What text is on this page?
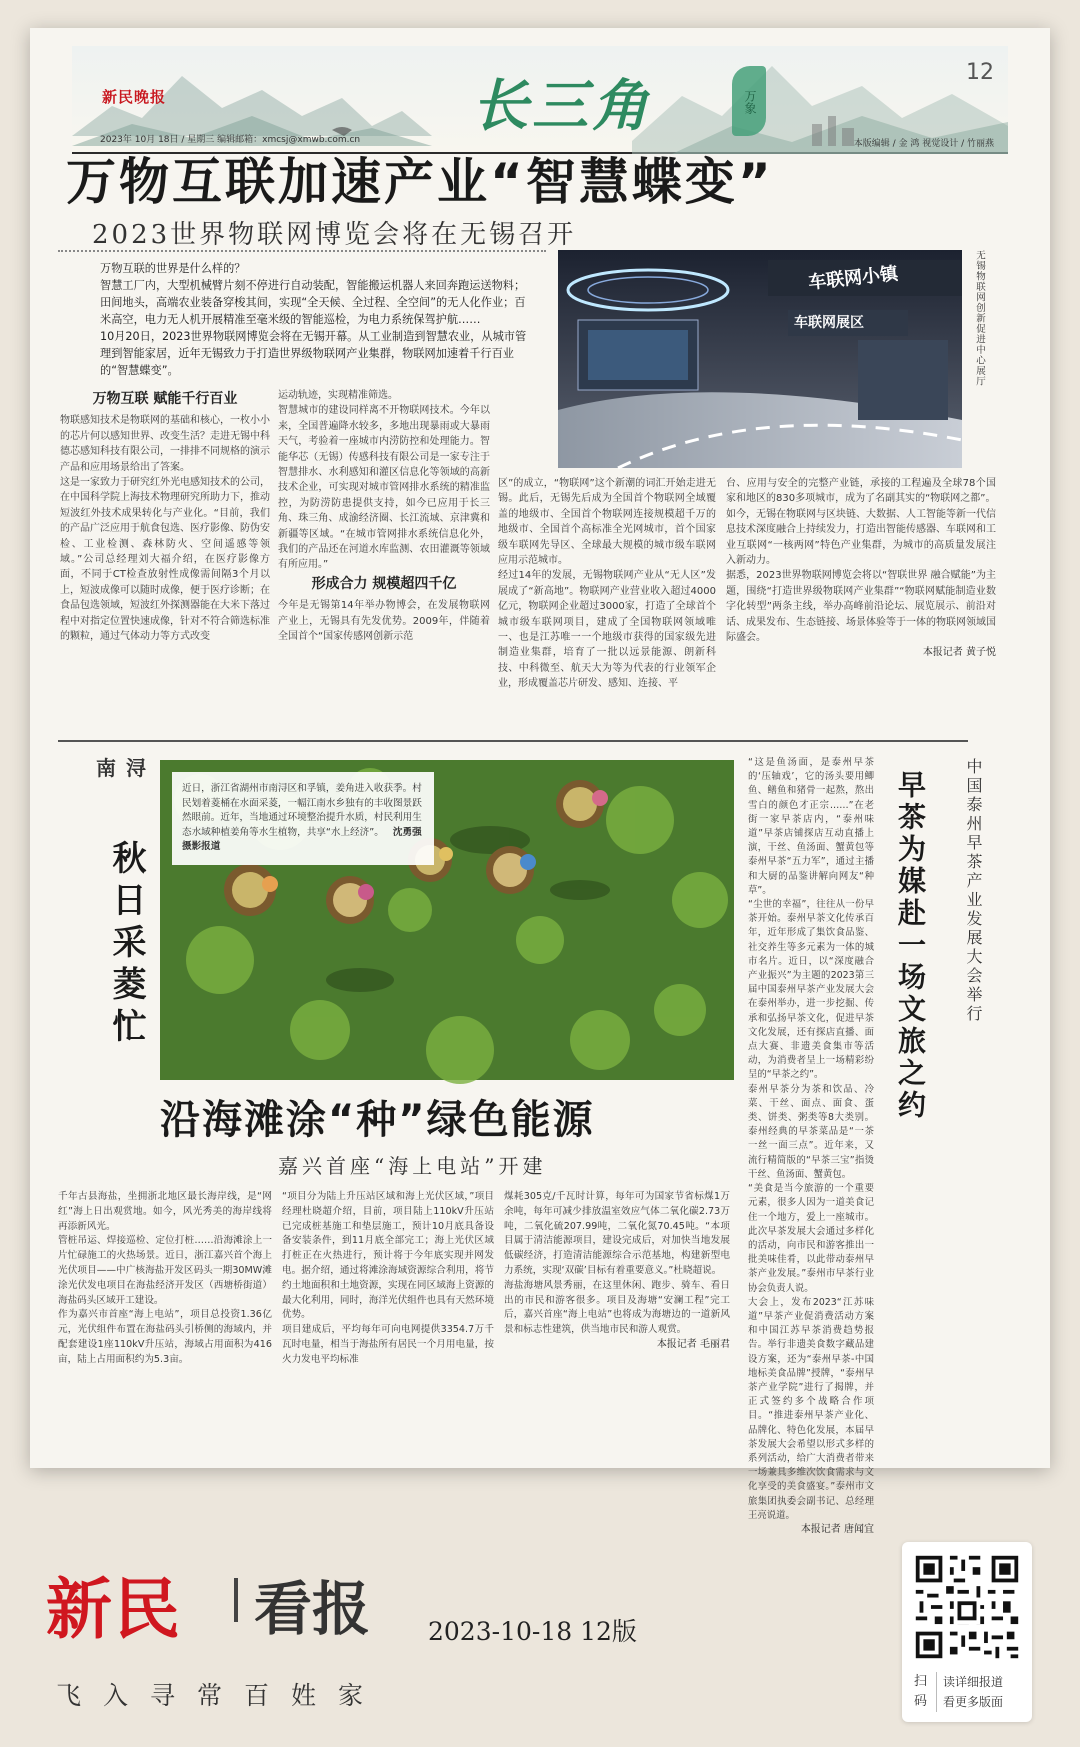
新民晚报
2023年 10月 18日 / 星期三 编辑邮箱：xmcsj@xmwb.com.cn
长三角	万象
12
本版编辑 / 金 鸿 视觉设计 / 竹丽燕
万物互联加速产业“智慧蝶变”
2023世界物联网博览会将在无锡召开
万物互联的世界是什么样的？
智慧工厂内，大型机械臂片刻不停进行自动装配，智能搬运机器人来回奔跑运送物料；田间地头，高端农业装备穿梭其间，实现“全天候、全过程、全空间”的无人化作业；百米高空，电力无人机开展精准至毫米级的智能巡检，为电力系统保驾护航……
10月20日，2023世界物联网博览会将在无锡开幕。从工业制造到智慧农业，从城市管理到智能家居，近年无锡致力于打造世界级物联网产业集群，物联网加速着千行百业的“智慧蝶变”。
车联网小镇
车联网展区	无锡物联网创新促进中心展厅
万物互联 赋能千行百业
物联感知技术是物联网的基础和核心，一枚小小的芯片何以感知世界、改变生活？走进无锡中科德芯感知科技有限公司，一排排不同规格的演示产品和应用场景给出了答案。
这是一家致力于研究红外光电感知技术的公司，在中国科学院上海技术物理研究所助力下，推动短波红外技术成果转化与产业化。“目前，我们的产品广泛应用于航食包选、医疗影像、防伪安检、工业检测、森林防火、空间遥感等领域。”公司总经理刘大福介绍，在医疗影像方面，不同于CT检查放射性成像需间隔3个月以上，短波成像可以随时成像，便于医疗诊断；在食品包选领域，短波红外探测器能在大米下落过程中对指定位置快速成像，针对不符合筛选标准的颗粒，通过气体动力等方式改变
运动轨迹，实现精准筛选。
智慧城市的建设同样离不开物联网技术。今年以来，全国普遍降水较多，多地出现暴雨或大暴雨天气，考验着一座城市内涝防控和处理能力。智能华芯（无锡）传感科技有限公司是一家专注于智慧排水、水利感知和灌区信息化等领域的高新技术企业，可实现对城市管网排水系统的精准监控，为防涝防患提供支持，如今已应用于长三角、珠三角、成渝经济圈、长江流域、京津冀和新疆等区域。“在城市管网排水系统信息化外，我们的产品还在河道水库监测、农田灌溉等领域有所应用。”
形成合力 规模超四千亿
今年是无锡第14年举办物博会，在发展物联网产业上，无锡具有先发优势。2009年，伴随着全国首个“国家传感网创新示范
区”的成立，“物联网”这个新潮的词汇开始走进无锡。此后，无锡先后成为全国首个物联网全域覆盖的地级市、全国首个物联网连接规模超千万的地级市、全国首个高标准全光网城市，首个国家级车联网先导区、全球最大规模的城市级车联网应用示范城市。
经过14年的发展，无锡物联网产业从“无人区”发展成了“新高地”。物联网产业营业收入超过4000亿元，物联网企业超过3000家，打造了全球首个城市级车联网项目，建成了全国物联网领域唯一、也是江苏唯一一个地级市获得的国家级先进制造业集群，培育了一批以远景能源、朗新科技、中科微至、航天大为等为代表的行业领军企业，形成覆盖芯片研发、感知、连接、平
台、应用与安全的完整产业链，承接的工程遍及全球78个国家和地区的830多项城市，成为了名副其实的“物联网之都”。
如今，无锡在物联网与区块链、大数据、人工智能等新一代信息技术深度融合上持续发力，打造出智能传感器、车联网和工业互联网“一核两网”特色产业集群，为城市的高质量发展注入新动力。
据悉，2023世界物联网博览会将以“智联世界 融合赋能”为主题，围绕“打造世界级物联网产业集群”“物联网赋能制造业数字化转型”两条主线，举办高峰前沿论坛、展览展示、前沿对话、成果发布、生态链接、场景体验等于一体的物联网领域国际盛会。
本报记者 黄子悦
南浔
秋日采菱忙
近日，浙江省湖州市南浔区和孚镇，姜角进入收获季。村民划着菱桶在水面采菱，一幅江南水乡独有的丰收图景跃然眼前。近年，当地通过环境整治提升水质，村民利用生态水域种植姜角等水生植物，共享“水上经济”。 沈勇强 摄影报道
“这是鱼汤面，是泰州早茶的‘压轴戏’，它的汤头要用鲫鱼、鳝鱼和猪骨一起熬，熬出雪白的颜色才正宗……”在老街一家早茶店内，“泰州味道”早茶店铺探店互动直播上演，干丝、鱼汤面、蟹黄包等泰州早茶“五力军”，通过主播和大厨的品鉴讲解向网友“种草”。
“尘世的幸福”，往往从一份早茶开始。泰州早茶文化传承百年，近年形成了集饮食品鉴、社交养生等多元素为一体的城市名片。近日，以“深度融合 产业振兴”为主题的2023第三届中国泰州早茶产业发展大会在泰州举办，进一步挖掘、传承和弘扬早茶文化，促进早茶文化发展，还有探店直播、面点大赛、非遗美食集市等活动，为消费者呈上一场精彩纷呈的“早茶之约”。
泰州早茶分为茶和饮品、冷菜、干丝、面点、面食、蛋类、饼类、粥类等8大类别。泰州经典的早茶菜品是“一茶一丝一面三点”。近年来，又流行精简版的“早茶三宝”指烫干丝、鱼汤面、蟹黄包。
“美食是当今旅游的一个重要元素，很多人因为一道美食记住一个地方，爱上一座城市。此次早茶发展大会通过多样化的活动，向市民和游客推出一批美味佳肴，以此带动泰州早茶产业发展。”泰州市早茶行业协会负责人说。
大会上，发布2023“江苏味道”早茶产业促消费活动方案和中国江苏早茶消费趋势报告。举行非遗美食数字藏品建设方案，还为“泰州早茶-中国地标美食品牌”授牌，“泰州早茶产业学院”进行了揭牌，并正式签约多个战略合作项目。“推进泰州早茶产业化、品牌化、特色化发展，本届早茶发展大会希望以形式多样的系列活动，给广大消费者带来一场兼具多维次饮食需求与文化享受的美食盛宴。”泰州市文旅集团执委会副书记、总经理王亮说道。
本报记者 唐闻宜
早茶为媒赴一场文旅之约 中国泰州早茶产业发展大会举行
沿海滩涂“种”绿色能源
嘉兴首座“海上电站”开建
千年古县海盐，坐拥浙北地区最长海岸线，是“网红”海上日出观赏地。如今，风光秀美的海岸线将再添新风光。
管桩吊运、焊接巡检、定位打桩……沿海滩涂上一片忙碌施工的火热场景。近日，浙江嘉兴首个海上光伏项目——中广核海盐开发区码头一期30MW滩涂光伏发电项目在海盐经济开发区（西塘桥街道）海盐码头区域开工建设。
作为嘉兴市首座“海上电站”，项目总投资1.36亿元，光伏组件布置在海盐码头引桥侧的海域内，并配套建设1座110kV升压站，海域占用面积为416亩，陆上占用面积约为5.3亩。
“项目分为陆上升压站区域和海上光伏区域，”项目经理杜晓超介绍，目前，项目陆上110kV升压站已完成桩基施工和垫层施工，预计10月底具备设备安装条件，到11月底全部完工；海上光伏区域打桩正在火热进行，预计将于今年底实现并网发电。据介绍，通过将滩涂海域资源综合利用，将节约土地面积和土地资源，实现在同区域海上资源的最大化利用，同时，海洋光伏组件也具有天然环境优势。
项目建成后，平均每年可向电网提供3354.7万千瓦时电量，相当于海盐所有居民一个月用电量，按火力发电平均标准
煤耗305克/千瓦时计算，每年可为国家节省标煤1万余吨，每年可减少排放温室效应气体二氧化碳2.73万吨，二氧化硫207.99吨，二氧化氮70.45吨。“本项目属于清洁能源项目，建设完成后，对加快当地发展低碳经济，打造清洁能源综合示范基地，构建新型电力系统，实现‘双碳’目标有着重要意义。”杜晓超说。
海盐海塘风景秀丽，在这里休闲、跑步、骑车、看日出的市民和游客很多。项目及海塘“安澜工程”完工后，嘉兴首座“海上电站”也将成为海塘边的一道新风景和标志性建筑，供当地市民和游人观赏。
本报记者 毛丽君
新民 看报 2023-10-18 12版
飞入寻常百姓家	扫码
读详细报道
看更多版面
